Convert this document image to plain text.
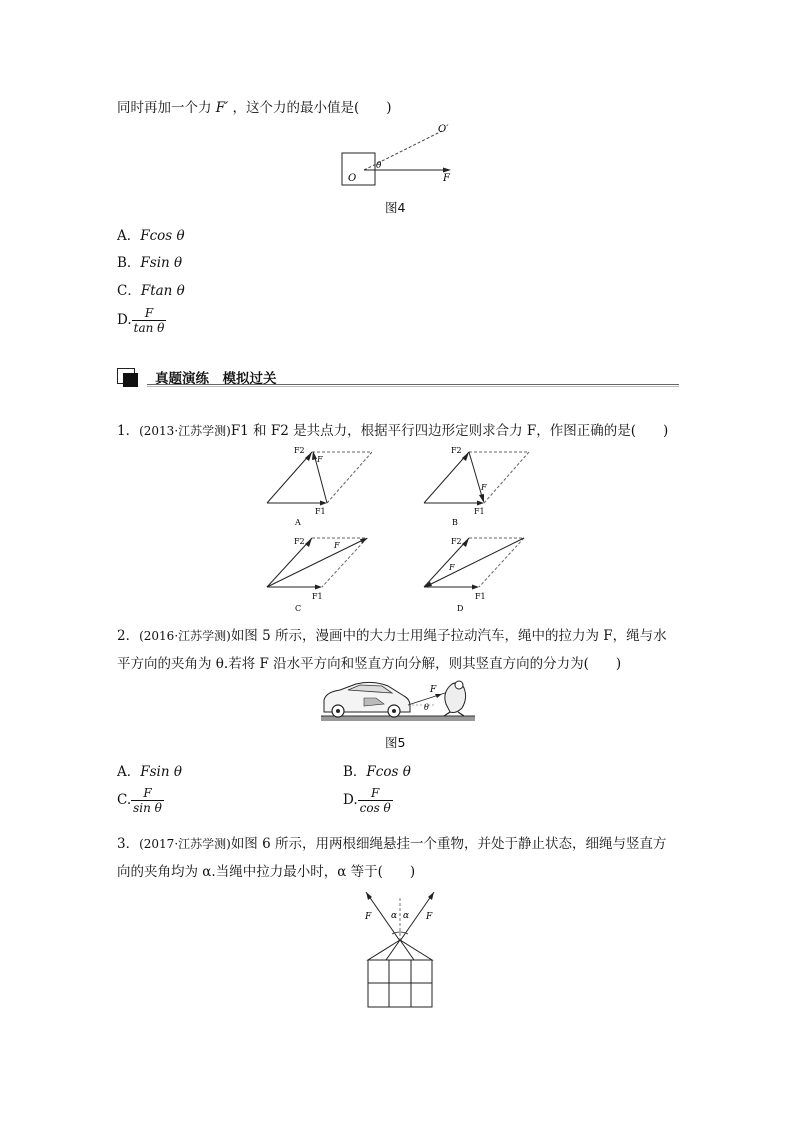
同时再加一个力 F′ ，这个力的最小值是(　　)
O
O′
θ
F
图4
A．Fcos θ
B．Fsin θ
C．Ftan θ
D. $\frac{F}{\text{tan θ}}$
真题演练　模拟过关
1．(2013·江苏学测)F1 和 F2 是共点力，根据平行四边形定则求合力 F，作图正确的是(　　)
F2
F
F1
A
F2
F
F1
B
F2	F
F1
C
F2
F
F1
D
2．(2016·江苏学测)如图 5 所示，漫画中的大力士用绳子拉动汽车，绳中的拉力为 F，绳与水
平方向的夹角为 θ.若将 F 沿水平方向和竖直方向分解，则其竖直方向的分力为(　　)
F
θ
图5
A．Fsin θ	B．Fcos θ
C. $\frac{F}{\text{sin θ}}$	D. $\frac{F}{\text{cos θ}}$
3．(2017·江苏学测)如图 6 所示，用两根细绳悬挂一个重物，并处于静止状态，细绳与竖直方
向的夹角均为 α.当绳中拉力最小时，α 等于(　　)
F	F
α α
